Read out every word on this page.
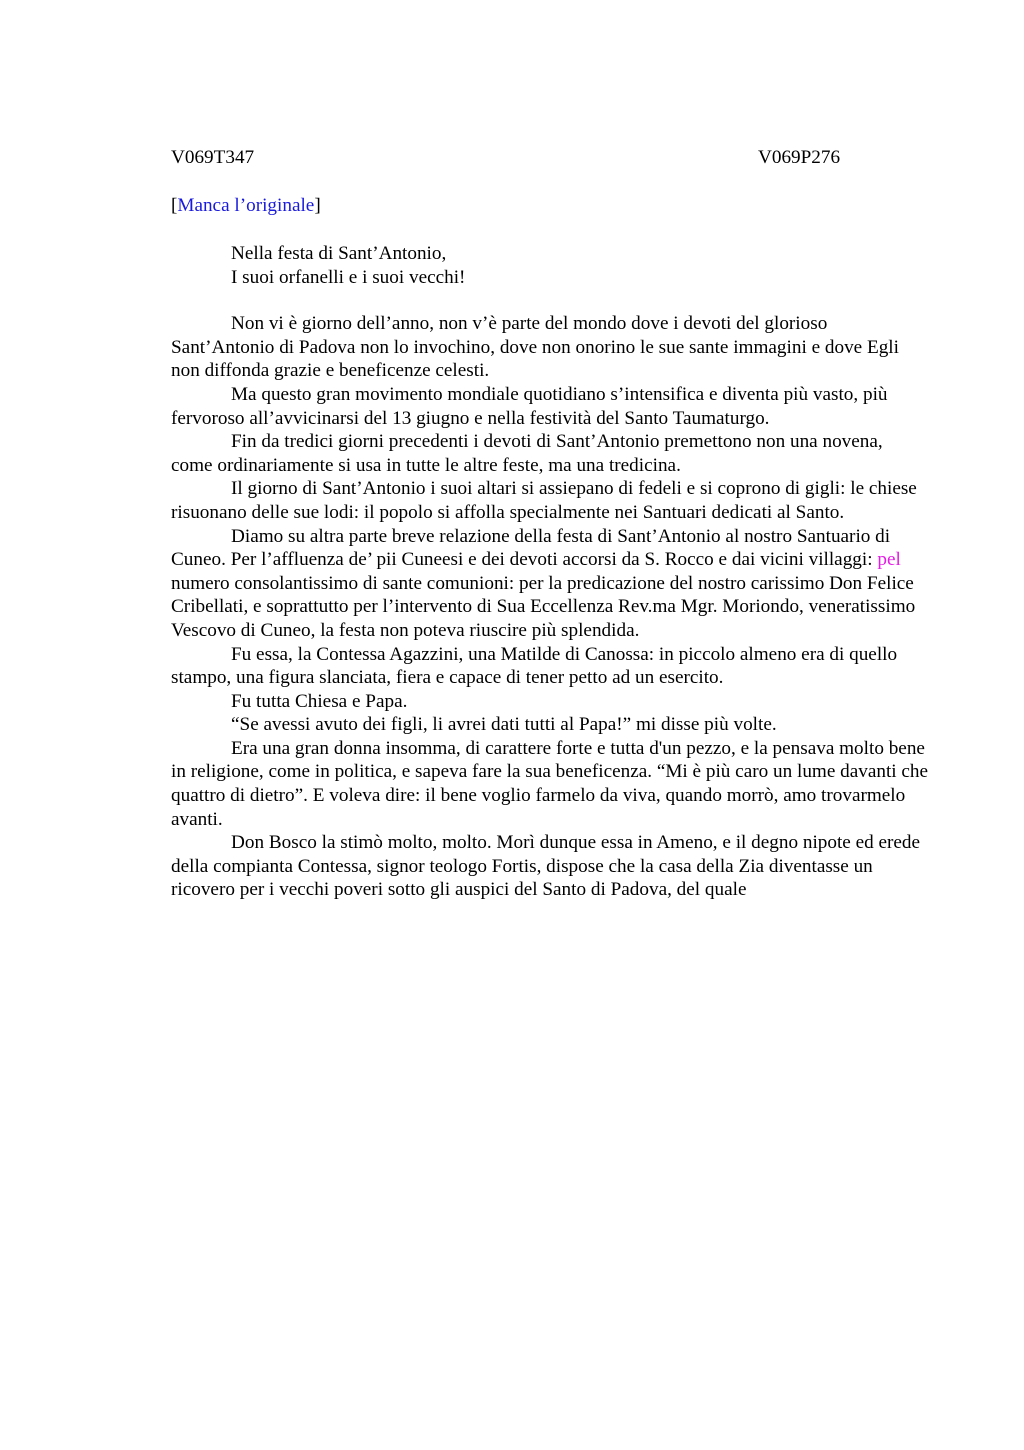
V069T347	V069P276
[Manca l’originale]
Nella festa di Sant’Antonio,
I suoi orfanelli e i suoi vecchi!

Non vi è giorno dell’anno, non v’è parte del mondo dove i devoti del glorioso Sant’Antonio di Padova non lo invochino, dove non onorino le sue sante immagini e dove Egli non diffonda grazie e beneficenze celesti.

Ma questo gran movimento mondiale quotidiano s’intensifica e diventa più vasto, più fervoroso all’avvicinarsi del 13 giugno e nella festività del Santo Taumaturgo.

Fin da tredici giorni precedenti i devoti di Sant’Antonio premettono non una novena, come ordinariamente si usa in tutte le altre feste, ma una tredicina.

Il giorno di Sant’Antonio i suoi altari si assiepano di fedeli e si coprono di gigli: le chiese risuonano delle sue lodi: il popolo si affolla specialmente nei Santuari dedicati al Santo.

Diamo su altra parte breve relazione della festa di Sant’Antonio al nostro Santuario di Cuneo. Per l’affluenza de’ pii Cuneesi e dei devoti accorsi da S. Rocco e dai vicini villaggi: pel numero consolantissimo di sante comunioni: per la predicazione del nostro carissimo Don Felice Cribellati, e soprattutto per l’intervento di Sua Eccellenza Rev.ma Mgr. Moriondo, veneratissimo Vescovo di Cuneo, la festa non poteva riuscire più splendida.

Fu essa, la Contessa Agazzini, una Matilde di Canossa: in piccolo almeno era di quello stampo, una figura slanciata, fiera e capace di tener petto ad un esercito.

Fu tutta Chiesa e Papa.

“Se avessi avuto dei figli, li avrei dati tutti al Papa!” mi disse più volte.

Era una gran donna insomma, di carattere forte e tutta d'un pezzo, e la pensava molto bene in religione, come in politica, e sapeva fare la sua beneficenza. “Mi è più caro un lume davanti che quattro di dietro”. E voleva dire: il bene voglio farmelo da viva, quando morrò, amo trovarmelo avanti.

Don Bosco la stimò molto, molto. Morì dunque essa in Ameno, e il degno nipote ed erede della compianta Contessa, signor teologo Fortis, dispose che la casa della Zia diventasse un ricovero per i vecchi poveri sotto gli auspici del Santo di Padova, del quale
